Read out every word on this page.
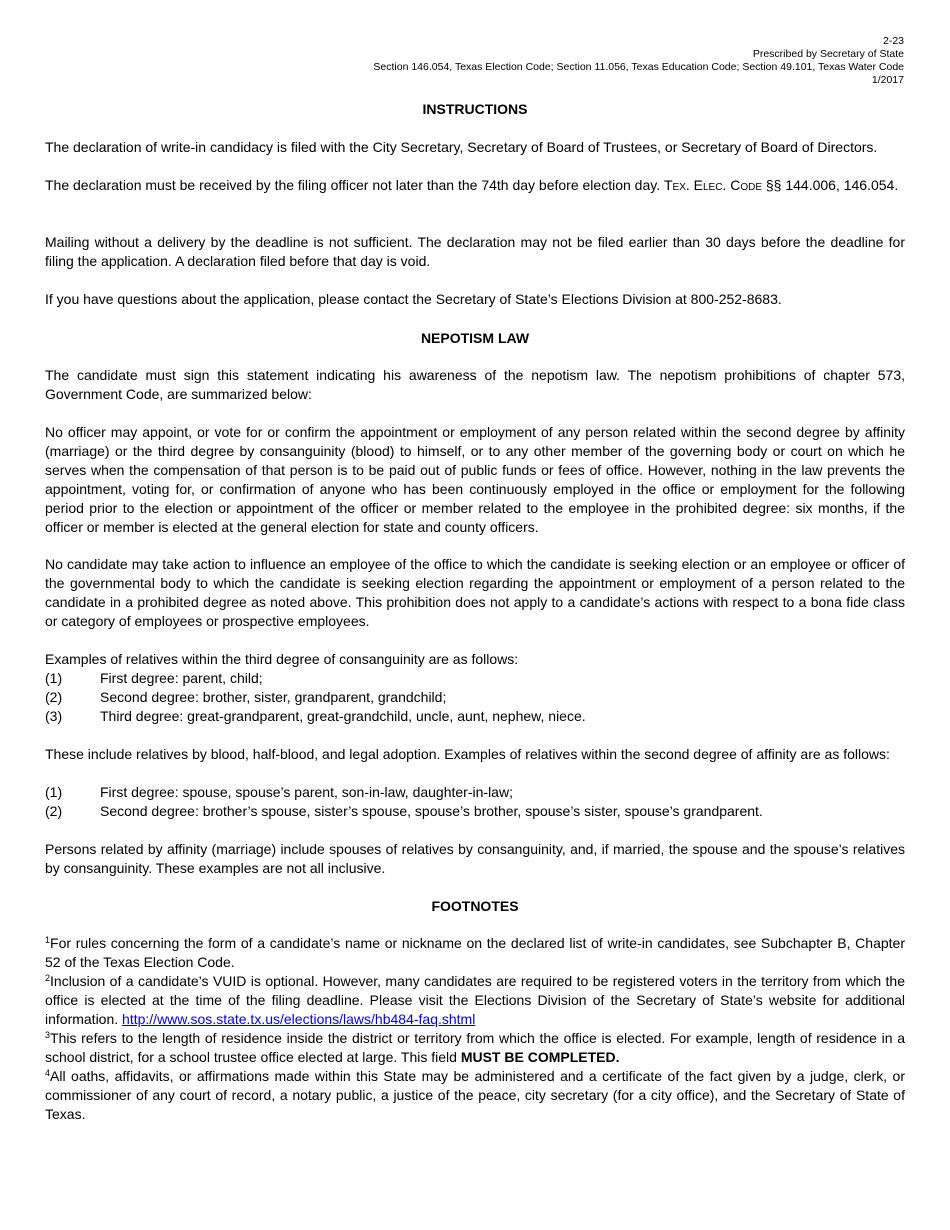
2-23
Prescribed by Secretary of State
Section 146.054, Texas Election Code; Section 11.056, Texas Education Code; Section 49.101, Texas Water Code
1/2017
INSTRUCTIONS

The declaration of write-in candidacy is filed with the City Secretary, Secretary of Board of Trustees, or Secretary of Board of Directors.

The declaration must be received by the filing officer not later than the 74th day before election day. Tex. Elec. Code §§ 144.006, 146.054.

Mailing without a delivery by the deadline is not sufficient. The declaration may not be filed earlier than 30 days before the deadline for filing the application. A declaration filed before that day is void.

If you have questions about the application, please contact the Secretary of State’s Elections Division at 800-252-8683.

NEPOTISM LAW

The candidate must sign this statement indicating his awareness of the nepotism law. The nepotism prohibitions of chapter 573, Government Code, are summarized below:

No officer may appoint, or vote for or confirm the appointment or employment of any person related within the second degree by affinity (marriage) or the third degree by consanguinity (blood) to himself, or to any other member of the governing body or court on which he serves when the compensation of that person is to be paid out of public funds or fees of office. However, nothing in the law prevents the appointment, voting for, or confirmation of anyone who has been continuously employed in the office or employment for the following period prior to the election or appointment of the officer or member related to the employee in the prohibited degree: six months, if the officer or member is elected at the general election for state and county officers.

No candidate may take action to influence an employee of the office to which the candidate is seeking election or an employee or officer of the governmental body to which the candidate is seeking election regarding the appointment or employment of a person related to the candidate in a prohibited degree as noted above. This prohibition does not apply to a candidate’s actions with respect to a bona fide class or category of employees or prospective employees.

Examples of relatives within the third degree of consanguinity are as follows:

(1)	First degree: parent, child;
(2)	Second degree: brother, sister, grandparent, grandchild;
(3)	Third degree: great-grandparent, great-grandchild, uncle, aunt, nephew, niece.

These include relatives by blood, half-blood, and legal adoption. Examples of relatives within the second degree of affinity are as follows:

(1)	First degree: spouse, spouse’s parent, son-in-law, daughter-in-law;
(2)	Second degree: brother’s spouse, sister’s spouse, spouse’s brother, spouse’s sister, spouse’s grandparent.

Persons related by affinity (marriage) include spouses of relatives by consanguinity, and, if married, the spouse and the spouse’s relatives by consanguinity. These examples are not all inclusive.

FOOTNOTES

$^1$For rules concerning the form of a candidate’s name or nickname on the declared list of write-in candidates, see Subchapter B, Chapter 52 of the Texas Election Code.

$^2$Inclusion of a candidate’s VUID is optional. However, many candidates are required to be registered voters in the territory from which the office is elected at the time of the filing deadline. Please visit the Elections Division of the Secretary of State’s website for additional information. http://www.sos.state.tx.us/elections/laws/hb484-faq.shtml

$^3$This refers to the length of residence inside the district or territory from which the office is elected. For example, length of residence in a school district, for a school trustee office elected at large. This field MUST BE COMPLETED.

$^4$All oaths, affidavits, or affirmations made within this State may be administered and a certificate of the fact given by a judge, clerk, or commissioner of any court of record, a notary public, a justice of the peace, city secretary (for a city office), and the Secretary of State of Texas.
